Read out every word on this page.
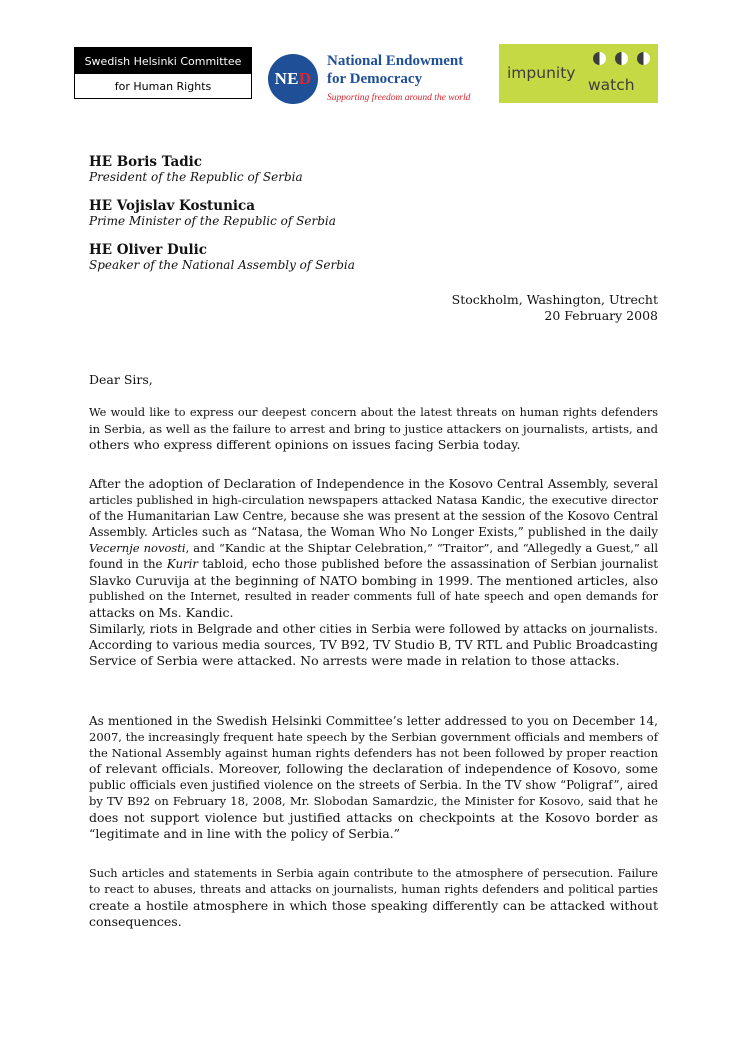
Swedish Helsinki Committee
for Human Rights	NE D
National Endowment
for Democracy
Supporting freedom around the world
impunity
watch
HE Boris Tadic
President of the Republic of Serbia
HE Vojislav Kostunica
Prime Minister of the Republic of Serbia
HE Oliver Dulic
Speaker of the National Assembly of Serbia
Stockholm, Washington, Utrecht
20 February 2008
Dear Sirs,
We would like to express our deepest concern about the latest threats on human rights defenders
in Serbia, as well as the failure to arrest and bring to justice attackers on journalists, artists, and
others who express different opinions on issues facing Serbia today.
After the adoption of Declaration of Independence in the Kosovo Central Assembly, several
articles published in high-circulation newspapers attacked Natasa Kandic, the executive director
of the Humanitarian Law Centre, because she was present at the session of the Kosovo Central
Assembly. Articles such as “Natasa, the Woman Who No Longer Exists,” published in the daily
Vecernje novosti, and “Kandic at the Shiptar Celebration,” “Traitor”, and “Allegedly a Guest,” all
found in the Kurir tabloid, echo those published before the assassination of Serbian journalist
Slavko Curuvija at the beginning of NATO bombing in 1999. The mentioned articles, also
published on the Internet, resulted in reader comments full of hate speech and open demands for
attacks on Ms. Kandic.
Similarly, riots in Belgrade and other cities in Serbia were followed by attacks on journalists.
According to various media sources, TV B92, TV Studio B, TV RTL and Public Broadcasting
Service of Serbia were attacked. No arrests were made in relation to those attacks.
As mentioned in the Swedish Helsinki Committee’s letter addressed to you on December 14,
2007, the increasingly frequent hate speech by the Serbian government officials and members of
the National Assembly against human rights defenders has not been followed by proper reaction
of relevant officials. Moreover, following the declaration of independence of Kosovo, some
public officials even justified violence on the streets of Serbia. In the TV show “Poligraf”, aired
by TV B92 on February 18, 2008, Mr. Slobodan Samardzic, the Minister for Kosovo, said that he
does not support violence but justified attacks on checkpoints at the Kosovo border as
“legitimate and in line with the policy of Serbia.”
Such articles and statements in Serbia again contribute to the atmosphere of persecution. Failure
to react to abuses, threats and attacks on journalists, human rights defenders and political parties
create a hostile atmosphere in which those speaking differently can be attacked without
consequences.
